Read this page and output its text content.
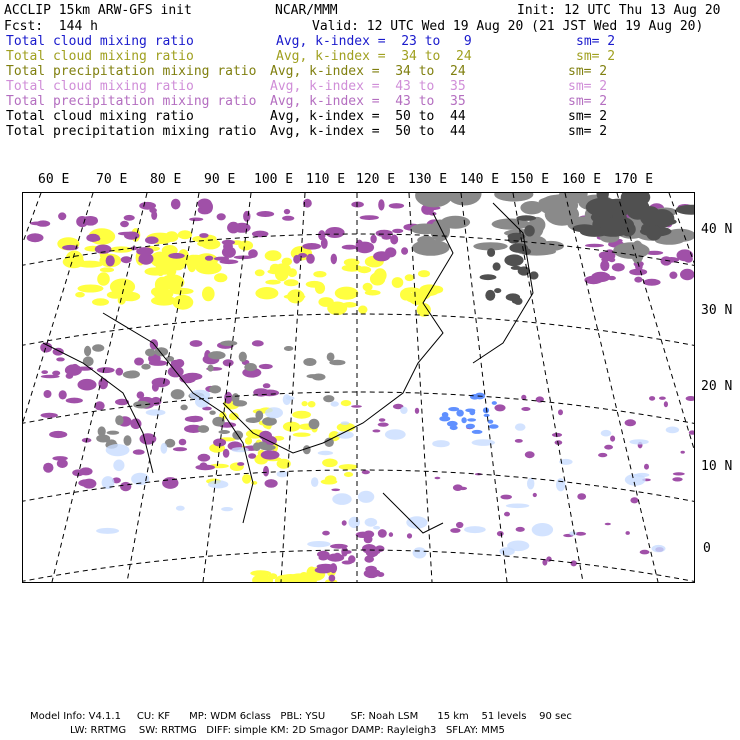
ACCLIP 15km ARW-GFS init	NCAR/MMM	Init: 12 UTC Thu 13 Aug 20
Fcst:  144 h	Valid: 12 UTC Wed 19 Aug 20 (21 JST Wed 19 Aug 20)
Total cloud mixing ratio	Avg, k-index =  23 to   9	sm= 2
Total cloud mixing ratio	Avg, k-index =  34 to  24	sm= 2
Total precipitation mixing ratio Avg, k-index =  34 to  24	sm= 2
Total cloud mixing ratio	Avg, k-index =  43 to  35	sm= 2
Total precipitation mixing ratio Avg, k-index =  43 to  35	sm= 2
Total cloud mixing ratio	Avg, k-index =  50 to  44	sm= 2
Total precipitation mixing ratio Avg, k-index =  50 to  44	sm= 2
60 E 70 E 80 E 90 E 100 E 110 E 120 E 130 E 140 E 150 E 160 E 170 E
40 N
30 N
20 N
10 N
0
Model Info: V4.1.1     CU: KF      MP: WDM 6class   PBL: YSU        SF: Noah LSM      15 km    51 levels    90 sec
LW: RRTMG    SW: RRTMG   DIFF: simple KM: 2D Smagor DAMP: Rayleigh3   SFLAY: MM5
